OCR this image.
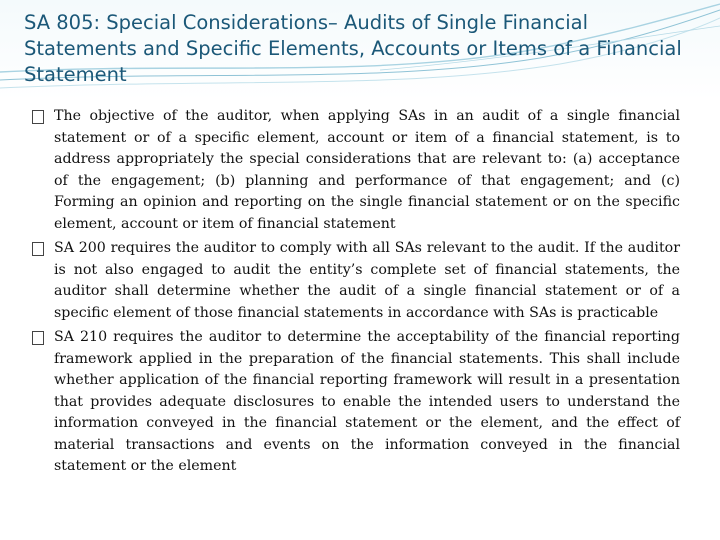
SA 805: Special Considerations– Audits of Single Financial Statements and Specific Elements, Accounts or Items of a Financial Statement
The objective of the auditor, when applying SAs in an audit of a single financial statement or of a specific element, account or item of a financial statement, is to address appropriately the special considerations that are relevant to: (a) acceptance of the engagement; (b) planning and performance of that engagement; and (c) Forming an opinion and reporting on the single financial statement or on the specific element, account or item of financial statement
SA 200 requires the auditor to comply with all SAs relevant to the audit. If the auditor is not also engaged to audit the entity’s complete set of financial statements, the auditor shall determine whether the audit of a single financial statement or of a specific element of those financial statements in accordance with SAs is practicable
SA 210 requires the auditor to determine the acceptability of the financial reporting framework applied in the preparation of the financial statements. This shall include whether application of the financial reporting framework will result in a presentation that provides adequate disclosures to enable the intended users to understand the information conveyed in the financial statement or the element, and the effect of material transactions and events on the information conveyed in the financial statement or the element
